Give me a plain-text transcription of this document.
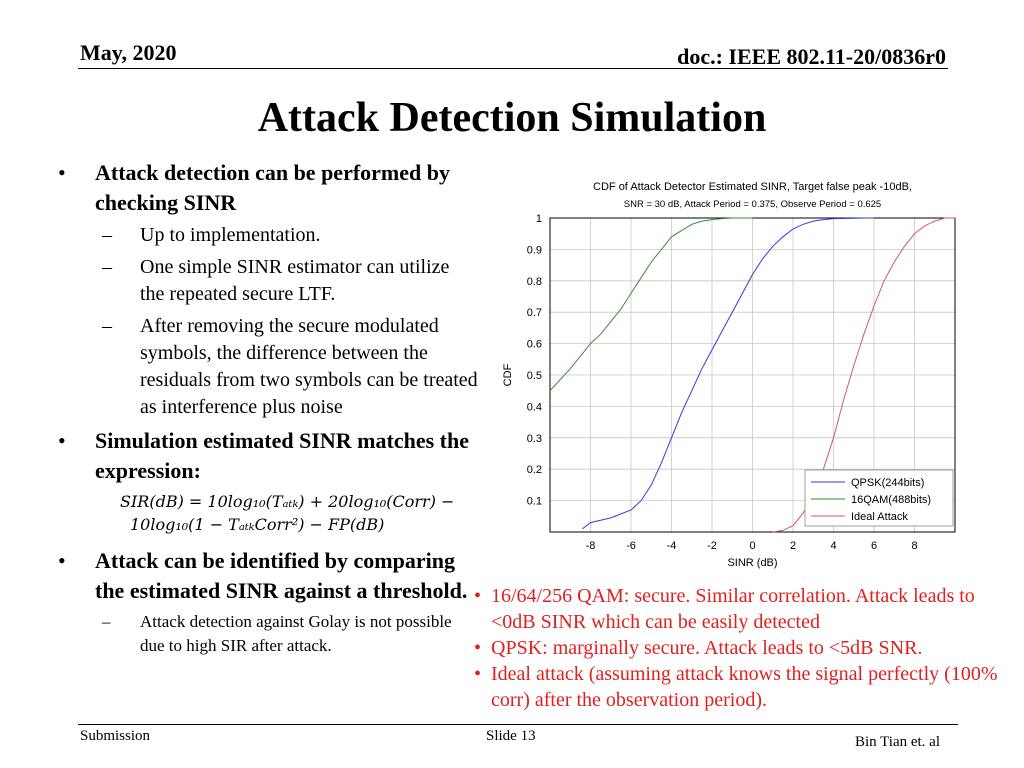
May, 2020	doc.: IEEE 802.11-20/0836r0
Attack Detection Simulation
• Attack detection can be performed by checking SINR
– Up to implementation.
– One simple SINR estimator can utilize the repeated secure LTF.
– After removing the secure modulated symbols, the difference between the residuals from two symbols can be treated as interference plus noise
• Simulation estimated SINR matches the expression:
SIR(dB) = 10log₁₀(Tₐₜₖ) + 20log₁₀(Corr) −
10log₁₀(1 − TₐₜₖCorr²) − FP(dB)
• Attack can be identified by comparing the estimated SINR against a threshold.
– Attack detection against Golay is not possible due to high SIR after attack.
CDF of Attack Detector Estimated SINR, Target false peak -10dB,
SNR = 30 dB, Attack Period = 0.375, Observe Period = 0.625
-8	-6	-4	-2	0	2	4	6	8
0.1
0.2
0.3
0.4
0.5
0.6
0.7
0.8
0.9
1
SINR (dB)
CDF
QPSK(244bits)
16QAM(488bits)
Ideal Attack
• 16/64/256 QAM: secure. Similar correlation. Attack leads to <0dB SINR which can be easily detected
• QPSK: marginally secure. Attack leads to <5dB SNR.
• Ideal attack (assuming attack knows the signal perfectly (100% corr) after the observation period).
Submission	Slide 13	Bin Tian et. al
